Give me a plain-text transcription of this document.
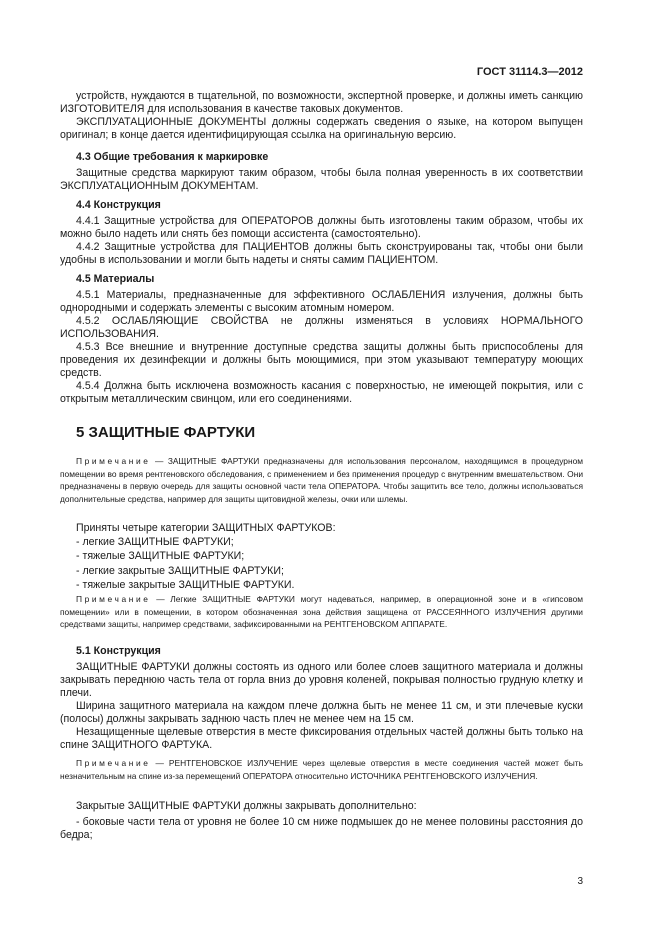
ГОСТ 31114.3—2012
устройств, нуждаются в тщательной, по возможности, экспертной проверке, и должны иметь санкцию ИЗГОТОВИТЕЛЯ для использования в качестве таковых документов.
ЭКСПЛУАТАЦИОННЫЕ ДОКУМЕНТЫ должны содержать сведения о языке, на котором выпущен оригинал; в конце дается идентифицирующая ссылка на оригинальную версию.
4.3 Общие требования к маркировке
Защитные средства маркируют таким образом, чтобы была полная уверенность в их соответствии ЭКСПЛУАТАЦИОННЫМ ДОКУМЕНТАМ.
4.4 Конструкция
4.4.1 Защитные устройства для ОПЕРАТОРОВ должны быть изготовлены таким образом, чтобы их можно было надеть или снять без помощи ассистента (самостоятельно).
4.4.2 Защитные устройства для ПАЦИЕНТОВ должны быть сконструированы так, чтобы они были удобны в использовании и могли быть надеты и сняты самим ПАЦИЕНТОМ.
4.5 Материалы
4.5.1 Материалы, предназначенные для эффективного ОСЛАБЛЕНИЯ излучения, должны быть однородными и содержать элементы с высоким атомным номером.
4.5.2 ОСЛАБЛЯЮЩИЕ СВОЙСТВА не должны изменяться в условиях НОРМАЛЬНОГО ИСПОЛЬЗОВАНИЯ.
4.5.3 Все внешние и внутренние доступные средства защиты должны быть приспособлены для проведения их дезинфекции и должны быть моющимися, при этом указывают температуру моющих средств.
4.5.4 Должна быть исключена возможность касания с поверхностью, не имеющей покрытия, или с открытым металлическим свинцом, или его соединениями.
5 ЗАЩИТНЫЕ ФАРТУКИ
Примечание — ЗАЩИТНЫЕ ФАРТУКИ предназначены для использования персоналом, находящимся в процедурном помещении во время рентгеновского обследования, с применением и без применения процедур с внутренним вмешательством. Они предназначены в первую очередь для защиты основной части тела ОПЕРАТОРА. Чтобы защитить все тело, должны использоваться дополнительные средства, например для защиты щитовидной железы, очки или шлемы.
Приняты четыре категории ЗАЩИТНЫХ ФАРТУКОВ:
- легкие ЗАЩИТНЫЕ ФАРТУКИ;
- тяжелые ЗАЩИТНЫЕ ФАРТУКИ;
- легкие закрытые ЗАЩИТНЫЕ ФАРТУКИ;
- тяжелые закрытые ЗАЩИТНЫЕ ФАРТУКИ.
Примечание — Легкие ЗАЩИТНЫЕ ФАРТУКИ могут надеваться, например, в операционной зоне и в «гипсовом помещении» или в помещении, в котором обозначенная зона действия защищена от РАССЕЯННОГО ИЗЛУЧЕНИЯ другими средствами защиты, например средствами, зафиксированными на РЕНТГЕНОВСКОМ АППАРАТЕ.
5.1 Конструкция
ЗАЩИТНЫЕ ФАРТУКИ должны состоять из одного или более слоев защитного материала и должны закрывать переднюю часть тела от горла вниз до уровня коленей, покрывая полностью грудную клетку и плечи.
Ширина защитного материала на каждом плече должна быть не менее 11 см, и эти плечевые куски (полосы) должны закрывать заднюю часть плеч не менее чем на 15 см.
Незащищенные щелевые отверстия в месте фиксирования отдельных частей должны быть только на спине ЗАЩИТНОГО ФАРТУКА.
Примечание — РЕНТГЕНОВСКОЕ ИЗЛУЧЕНИЕ через щелевые отверстия в месте соединения частей может быть незначительным на спине из-за перемещений ОПЕРАТОРА относительно ИСТОЧНИКА РЕНТГЕНОВСКОГО ИЗЛУЧЕНИЯ.
Закрытые ЗАЩИТНЫЕ ФАРТУКИ должны закрывать дополнительно:
- боковые части тела от уровня не более 10 см ниже подмышек до не менее половины расстояния до бедра;
3
